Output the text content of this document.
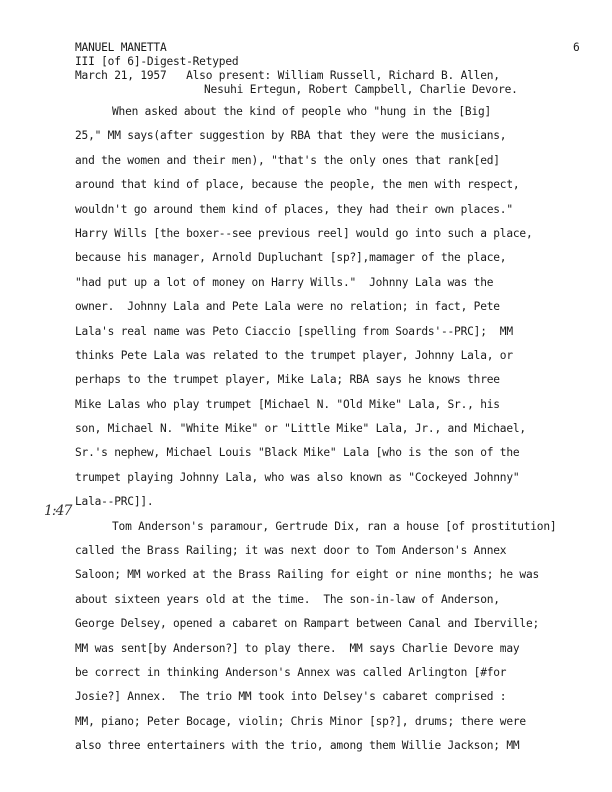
MANUEL MANETTA
III [of 6]-Digest-Retyped
March 21, 1957   Also present: William Russell, Richard B. Allen,
Nesuhi Ertegun, Robert Campbell, Charlie Devore.
6
1:47
When asked about the kind of people who "hung in the [Big]
25," MM says(after suggestion by RBA that they were the musicians,
and the women and their men), "that's the only ones that rank[ed]
around that kind of place, because the people, the men with respect,
wouldn't go around them kind of places, they had their own places."
Harry Wills [the boxer--see previous reel] would go into such a place,
because his manager, Arnold Dupluchant [sp?],mamager of the place,
"had put up a lot of money on Harry Wills."  Johnny Lala was the
owner.  Johnny Lala and Pete Lala were no relation; in fact, Pete
Lala's real name was Peto Ciaccio [spelling from Soards'--PRC];  MM
thinks Pete Lala was related to the trumpet player, Johnny Lala, or
perhaps to the trumpet player, Mike Lala; RBA says he knows three
Mike Lalas who play trumpet [Michael N. "Old Mike" Lala, Sr., his
son, Michael N. "White Mike" or "Little Mike" Lala, Jr., and Michael,
Sr.'s nephew, Michael Louis "Black Mike" Lala [who is the son of the
trumpet playing Johnny Lala, who was also known as "Cockeyed Johnny"
Lala--PRC]].
Tom Anderson's paramour, Gertrude Dix, ran a house [of prostitution]
called the Brass Railing; it was next door to Tom Anderson's Annex
Saloon; MM worked at the Brass Railing for eight or nine months; he was
about sixteen years old at the time.  The son-in-law of Anderson,
George Delsey, opened a cabaret on Rampart between Canal and Iberville;
MM was sent[by Anderson?] to play there.  MM says Charlie Devore may
be correct in thinking Anderson's Annex was called Arlington [#for
Josie?] Annex.  The trio MM took into Delsey's cabaret comprised :
MM, piano; Peter Bocage, violin; Chris Minor [sp?], drums; there were
also three entertainers with the trio, among them Willie Jackson; MM
